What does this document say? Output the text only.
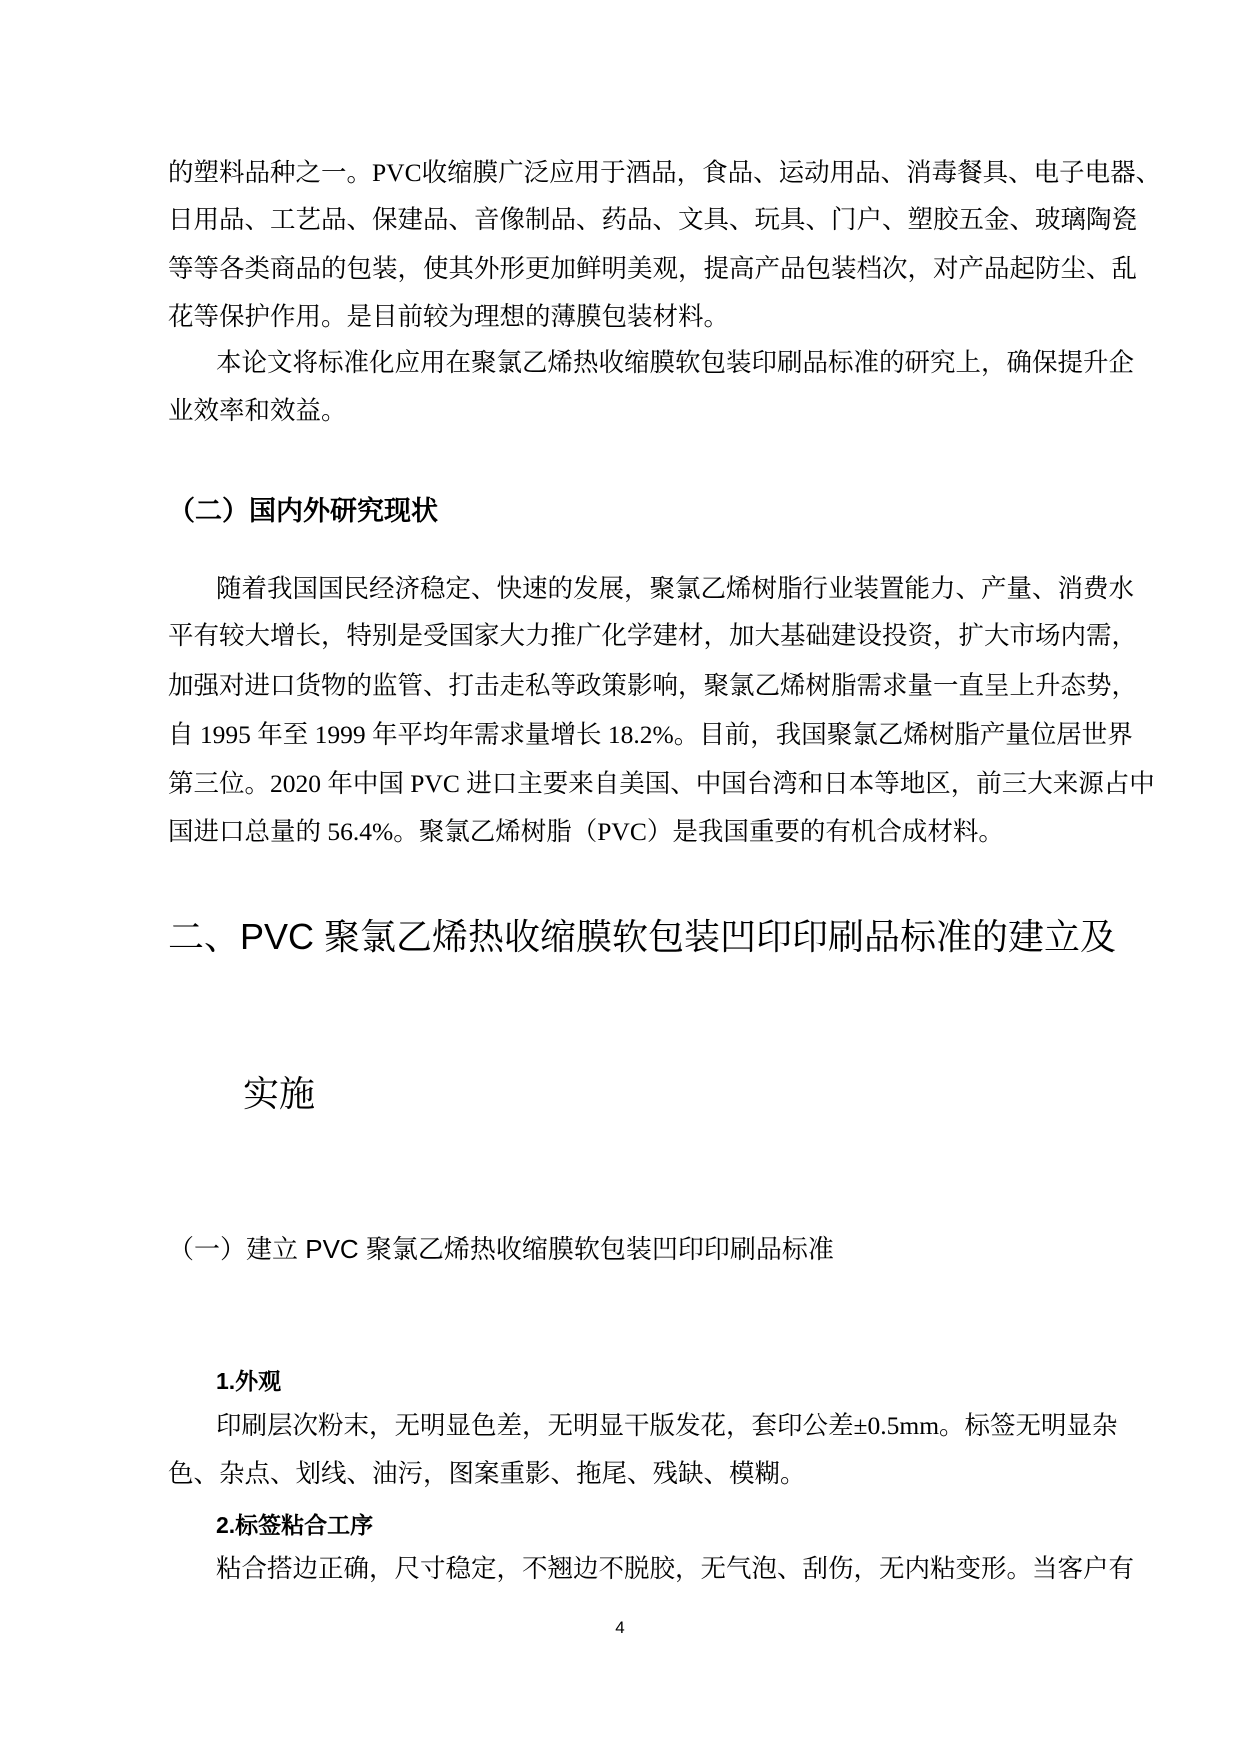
的塑料品种之一。PVC收缩膜广泛应用于酒品，食品、运动用品、消毒餐具、电子电器、
日用品、工艺品、保建品、音像制品、药品、文具、玩具、门户、塑胶五金、玻璃陶瓷
等等各类商品的包装，使其外形更加鲜明美观，提高产品包装档次，对产品起防尘、乱
花等保护作用。是目前较为理想的薄膜包装材料。
本论文将标准化应用在聚氯乙烯热收缩膜软包装印刷品标准的研究上，确保提升企
业效率和效益。
（二）国内外研究现状
随着我国国民经济稳定、快速的发展，聚氯乙烯树脂行业装置能力、产量、消费水
平有较大增长，特别是受国家大力推广化学建材，加大基础建设投资，扩大市场内需，
加强对进口货物的监管、打击走私等政策影响，聚氯乙烯树脂需求量一直呈上升态势，
自 1995 年至 1999 年平均年需求量增长 18.2%。目前，我国聚氯乙烯树脂产量位居世界
第三位。2020 年中国 PVC 进口主要来自美国、中国台湾和日本等地区，前三大来源占中
国进口总量的 56.4%。聚氯乙烯树脂（PVC）是我国重要的有机合成材料。
二、PVC 聚氯乙烯热收缩膜软包装凹印印刷品标准的建立及
实施
（一）建立 PVC 聚氯乙烯热收缩膜软包装凹印印刷品标准
1.外观
印刷层次粉末，无明显色差，无明显干版发花，套印公差±0.5mm。标签无明显杂
色、杂点、划线、油污，图案重影、拖尾、残缺、模糊。
2.标签粘合工序
粘合搭边正确，尺寸稳定，不翘边不脱胶，无气泡、刮伤，无内粘变形。当客户有
4
